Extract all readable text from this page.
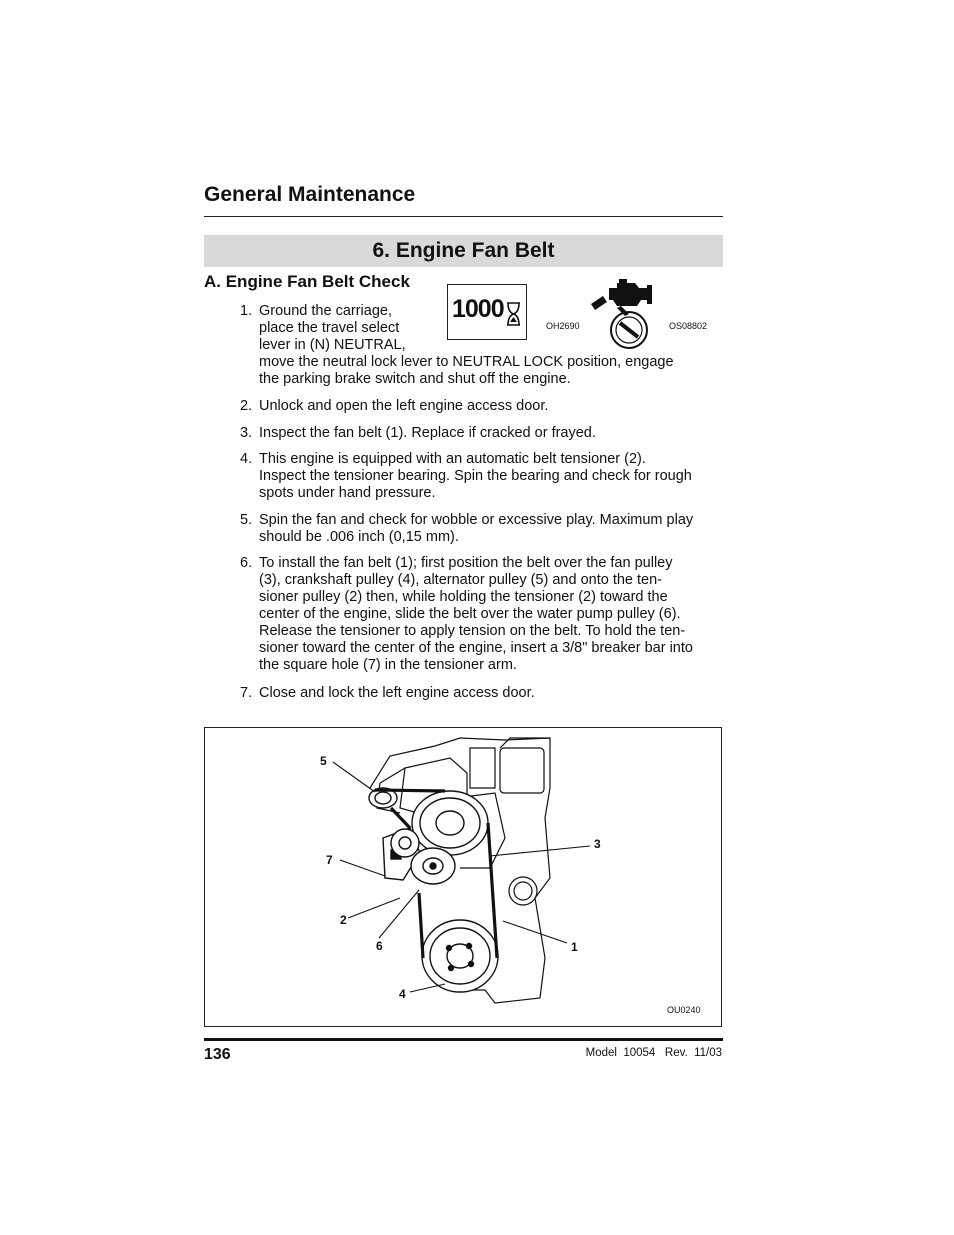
General Maintenance
6. Engine Fan Belt
A. Engine Fan Belt Check
1000
OH2690	OS08802
1. Ground the carriage,
place the travel select
lever in (N) NEUTRAL,
move the neutral lock lever to NEUTRAL LOCK position, engage
the parking brake switch and shut off the engine.
2. Unlock and open the left engine access door.
3. Inspect the fan belt (1). Replace if cracked or frayed.
4. This engine is equipped with an automatic belt tensioner (2).
Inspect the tensioner bearing. Spin the bearing and check for rough
spots under hand pressure.
5. Spin the fan and check for wobble or excessive play. Maximum play
should be .006 inch (0,15 mm).
6. To install the fan belt (1); first position the belt over the fan pulley
(3), crankshaft pulley (4), alternator pulley (5) and onto the ten-
sioner pulley (2) then, while holding the tensioner (2) toward the
center of the engine, slide the belt over the water pump pulley (6).
Release the tensioner to apply tension on the belt. To hold the ten-
sioner toward the center of the engine, insert a 3/8" breaker bar into
the square hole (7) in the tensioner arm.
7. Close and lock the left engine access door.
5
7
2
6
4
3
1
OU0240
136	Model  10054   Rev.  11/03
